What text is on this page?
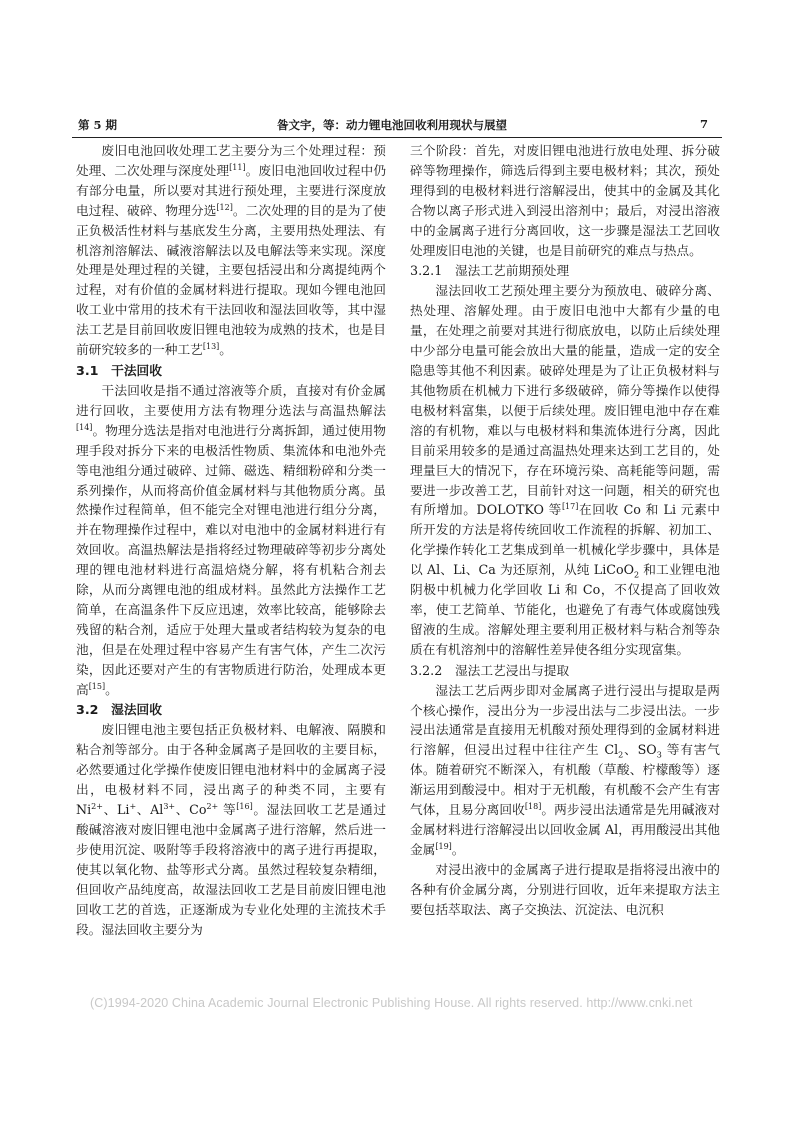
第 5 期	昝文宇，等：动力锂电池回收利用现状与展望	7

废旧电池回收处理工艺主要分为三个处理过程：预处理、二次处理与深度处理[11]。废旧电池回收过程中仍有部分电量，所以要对其进行预处理，主要进行深度放电过程、破碎、物理分选[12]。二次处理的目的是为了使正负极活性材料与基底发生分离，主要用热处理法、有机溶剂溶解法、碱液溶解法以及电解法等来实现。深度处理是处理过程的关键，主要包括浸出和分离提纯两个过程，对有价值的金属材料进行提取。现如今锂电池回收工业中常用的技术有干法回收和湿法回收等，其中湿法工艺是目前回收废旧锂电池较为成熟的技术，也是目前研究较多的一种工艺[13]。

3.1　干法回收

干法回收是指不通过溶液等介质，直接对有价金属进行回收，主要使用方法有物理分选法与高温热解法[14]。物理分选法是指对电池进行分离拆卸，通过使用物理手段对拆分下来的电极活性物质、集流体和电池外壳等电池组分通过破碎、过筛、磁选、精细粉碎和分类一系列操作，从而将高价值金属材料与其他物质分离。虽然操作过程简单，但不能完全对锂电池进行组分分离，并在物理操作过程中，难以对电池中的金属材料进行有效回收。高温热解法是指将经过物理破碎等初步分离处理的锂电池材料进行高温焙烧分解，将有机粘合剂去除，从而分离锂电池的组成材料。虽然此方法操作工艺简单，在高温条件下反应迅速，效率比较高，能够除去残留的粘合剂，适应于处理大量或者结构较为复杂的电池，但是在处理过程中容易产生有害气体，产生二次污染，因此还要对产生的有害物质进行防治，处理成本更高[15]。

3.2　湿法回收

废旧锂电池主要包括正负极材料、电解液、隔膜和粘合剂等部分。由于各种金属离子是回收的主要目标，必然要通过化学操作使废旧锂电池材料中的金属离子浸出，电极材料不同，浸出离子的种类不同，主要有 $Ni^{2+}$、Li+、$Al^{3+}$、$Co^{2+}$ 等[16]。湿法回收工艺是通过酸碱溶液对废旧锂电池中金属离子进行溶解，然后进一步使用沉淀、吸附等手段将溶液中的离子进行再提取，使其以氧化物、盐等形式分离。虽然过程较复杂精细，但回收产品纯度高，故湿法回收工艺是目前废旧锂电池回收工艺的首选，正逐渐成为专业化处理的主流技术手段。湿法回收主要分为

三个阶段：首先，对废旧锂电池进行放电处理、拆分破碎等物理操作，筛选后得到主要电极材料；其次，预处理得到的电极材料进行溶解浸出，使其中的金属及其化合物以离子形式进入到浸出溶剂中；最后，对浸出溶液中的金属离子进行分离回收，这一步骤是湿法工艺回收处理废旧电池的关键，也是目前研究的难点与热点。

3.2.1　湿法工艺前期预处理

湿法回收工艺预处理主要分为预放电、破碎分离、热处理、溶解处理。由于废旧电池中大都有少量的电量，在处理之前要对其进行彻底放电，以防止后续处理中少部分电量可能会放出大量的能量，造成一定的安全隐患等其他不利因素。破碎处理是为了让正负极材料与其他物质在机械力下进行多级破碎，筛分等操作以使得电极材料富集，以便于后续处理。废旧锂电池中存在难溶的有机物，难以与电极材料和集流体进行分离，因此目前采用较多的是通过高温热处理来达到工艺目的，处理量巨大的情况下，存在环境污染、高耗能等问题，需要进一步改善工艺，目前针对这一问题，相关的研究也有所增加。DOLOTKO 等[17]在回收 Co 和 Li 元素中所开发的方法是将传统回收工作流程的拆解、初加工、化学操作转化工艺集成到单一机械化学步骤中，具体是以 Al、Li、Ca 为还原剂，从纯 LiCoO$_2$ 和工业锂电池阴极中机械力化学回收 Li 和 Co，不仅提高了回收效率，使工艺简单、节能化，也避免了有毒气体或腐蚀残留液的生成。溶解处理主要利用正极材料与粘合剂等杂质在有机溶剂中的溶解性差异使各组分实现富集。

3.2.2　湿法工艺浸出与提取

湿法工艺后两步即对金属离子进行浸出与提取是两个核心操作，浸出分为一步浸出法与二步浸出法。一步浸出法通常是直接用无机酸对预处理得到的金属材料进行溶解，但浸出过程中往往产生 $Cl_2$、$SO_3$ 等有害气体。随着研究不断深入，有机酸（草酸、柠檬酸等）逐渐运用到酸浸中。相对于无机酸，有机酸不会产生有害气体，且易分离回收[18]。两步浸出法通常是先用碱液对金属材料进行溶解浸出以回收金属 Al，再用酸浸出其他金属[19]。

对浸出液中的金属离子进行提取是指将浸出液中的各种有价金属分离，分别进行回收，近年来提取方法主要包括萃取法、离子交换法、沉淀法、电沉积

(C)1994-2020 China Academic Journal Electronic Publishing House. All rights reserved. http://www.cnki.net
